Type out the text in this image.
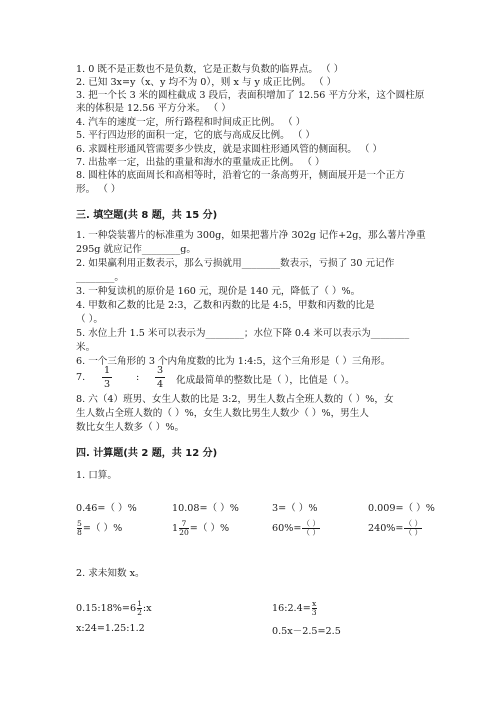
1. 0 既不是正数也不是负数，它是正数与负数的临界点。 （ ）
2. 已知 3x=y（x、y 均不为 0），则 x 与 y 成正比例。 （ ）
3. 把一个长 3 米的圆柱截成 3 段后，表面积增加了 12.56 平方分米，这个圆柱原
来的体积是 12.56 平方分米。 （ ）
4. 汽车的速度一定，所行路程和时间成正比例。 （ ）
5. 平行四边形的面积一定，它的底与高成反比例。 （ ）
6. 求圆柱形通风管需要多少铁皮，就是求圆柱形通风管的侧面积。 （ ）
7. 出盐率一定，出盐的重量和海水的重量成正比例。 （ ）
8. 圆柱体的底面周长和高相等时，沿着它的一条高剪开，侧面展开是一个正方
形。 （ ）
三. 填空题(共 8 题，共 15 分)
1. 一种袋装薯片的标准重为 300g，如果把薯片净 302g 记作+2g，那么薯片净重
295g 就应记作________g。
2. 如果赢利用正数表示，那么亏损就用________数表示，亏损了 30 元记作
________。
3. 一种复读机的原价是 160 元，现价是 140 元，降低了（ ）%。
4. 甲数和乙数的比是 2:3，乙数和丙数的比是 4:5，甲数和丙数的比是
（ ）。
5. 水位上升 1.5 米可以表示为________；水位下降 0.4 米可以表示为________
米。
6. 一个三角形的 3 个内角度数的比为 1:4:5，这个三角形是（ ）三角形。
7.
1
3
:
3
4 化成最简单的整数比是（ ），比值是（ ）。
8. 六（4）班男、女生人数的比是 3:2，男生人数占全班人数的（ ）%，女
生人数占全班人数的（ ）%，女生人数比男生人数少（ ）%，男生人
数比女生人数多（ ）%。
四. 计算题(共 2 题，共 12 分)
1. 口算。
0.46=（ ）%	10.08=（ ）%	3=（ ）%	0.009=（ ）%
$\frac{5}{8}$ =（ ）%	$1 \frac{7}{20}$ =（ ）%	$60\%= \frac{( )}{( )}$	$240\%= \frac{( )}{( )}$
2. 求未知数 x。
0.15:18%=6 $\frac{1}{2}$ :x	16:2.4= $\frac{x}{3}$
x:24=1.25:1.2	0.5x－2.5=2.5
